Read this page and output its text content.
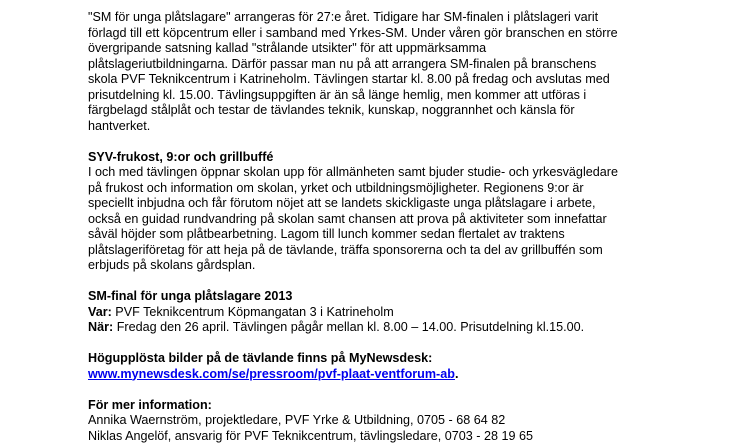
"SM för unga plåtslagare" arrangeras för 27:e året. Tidigare har SM-finalen i plåtslageri varit
förlagd till ett köpcentrum eller i samband med Yrkes-SM. Under våren gör branschen en större
övergripande satsning kallad "strålande utsikter" för att uppmärksamma
plåtslageriutbildningarna. Därför passar man nu på att arrangera SM-finalen på branschens
skola PVF Teknikcentrum i Katrineholm. Tävlingen startar kl. 8.00 på fredag och avslutas med
prisutdelning kl. 15.00. Tävlingsuppgiften är än så länge hemlig, men kommer att utföras i
färgbelagd stålplåt och testar de tävlandes teknik, kunskap, noggrannhet och känsla för
hantverket.

SYV-frukost, 9:or och grillbuffé
I och med tävlingen öppnar skolan upp för allmänheten samt bjuder studie- och yrkesvägledare
på frukost och information om skolan, yrket och utbildningsmöjligheter. Regionens 9:or är
speciellt inbjudna och får förutom nöjet att se landets skickligaste unga plåtslagare i arbete,
också en guidad rundvandring på skolan samt chansen att prova på aktiviteter som innefattar
såväl höjder som plåtbearbetning. Lagom till lunch kommer sedan flertalet av traktens
plåtslageriföretag för att heja på de tävlande, träffa sponsorerna och ta del av grillbuffén som
erbjuds på skolans gårdsplan.

SM-final för unga plåtslagare 2013
Var: PVF Teknikcentrum Köpmangatan 3 i Katrineholm
När: Fredag den 26 april. Tävlingen pågår mellan kl. 8.00 – 14.00. Prisutdelning kl.15.00.

Högupplösta bilder på de tävlande finns på MyNewsdesk:
www.mynewsdesk.com/se/pressroom/pvf-plaat-ventforum-ab.

För mer information:
Annika Waernström, projektledare, PVF Yrke & Utbildning, 0705 - 68 64 82
Niklas Angelöf, ansvarig för PVF Teknikcentrum, tävlingsledare, 0703 - 28 19 65
